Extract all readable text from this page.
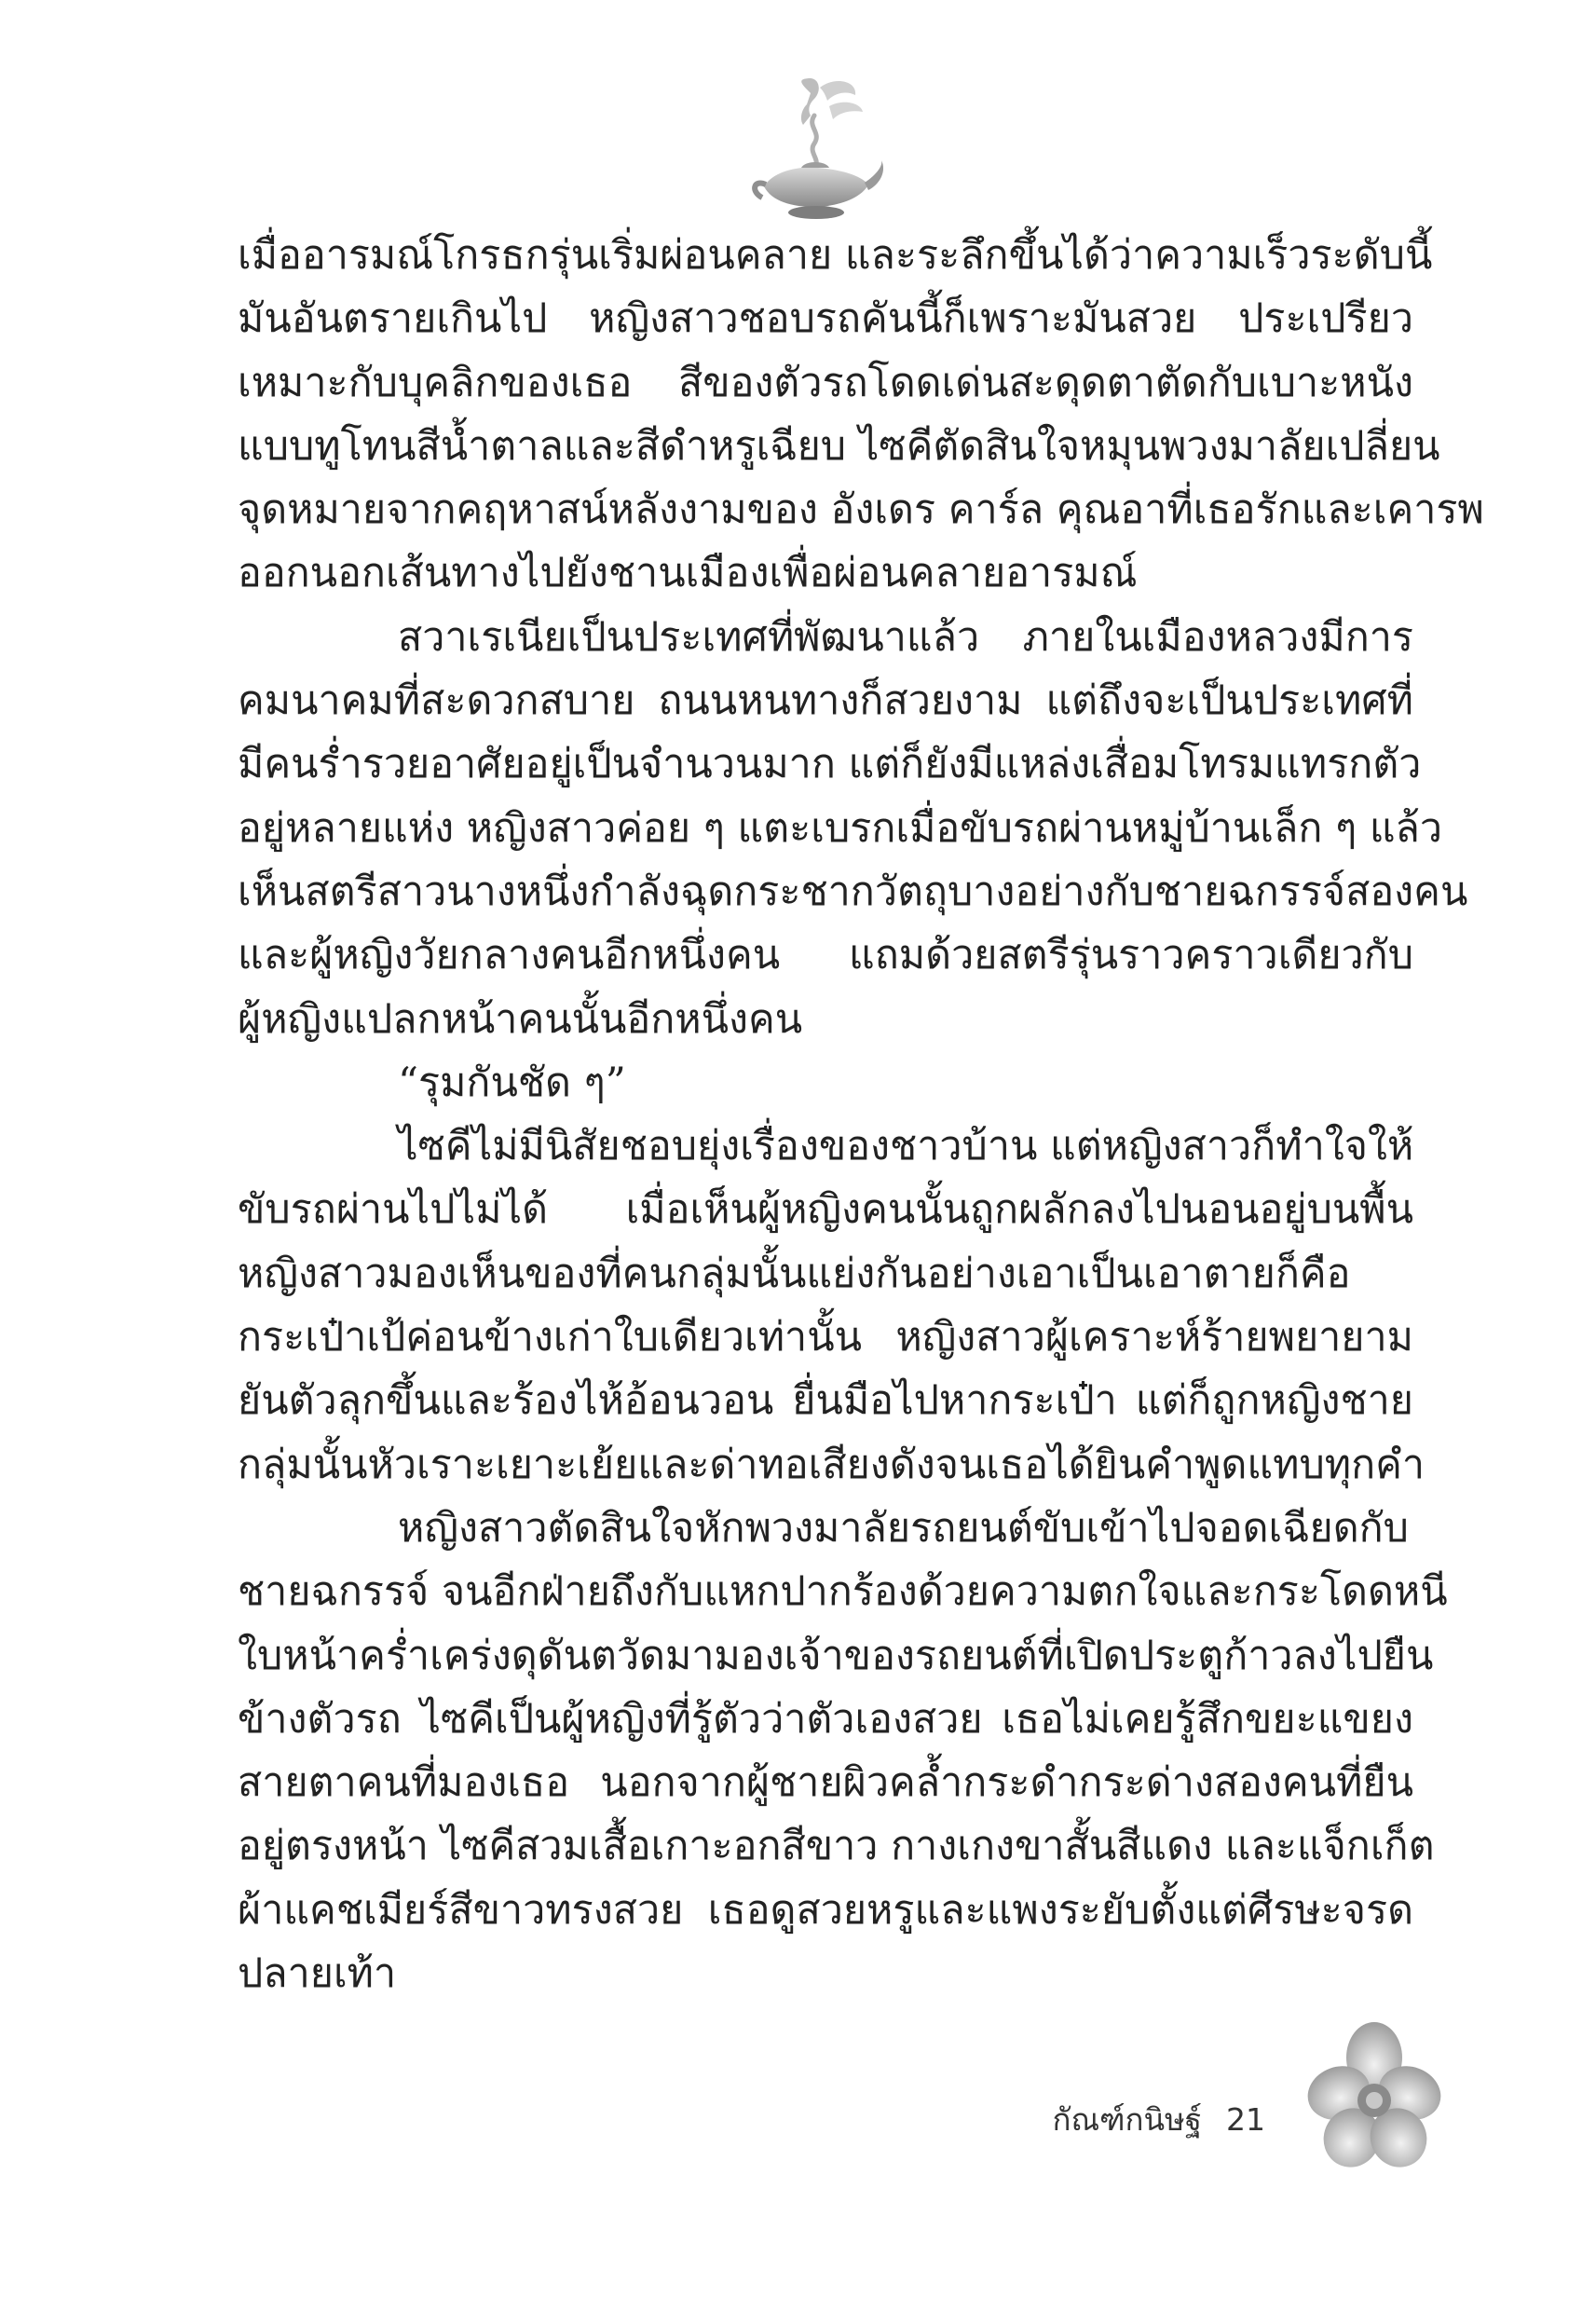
เมื่ออารมณ์โกรธกรุ่นเริ่มผ่อนคลาย และระลึกขึ้นได้ว่าความเร็วระดับนี้
มันอันตรายเกินไป หญิงสาวชอบรถคันนี้ก็เพราะมันสวย ประเปรียว
เหมาะกับบุคลิกของเธอ สีของตัวรถโดดเด่นสะดุดตาตัดกับเบาะหนัง
แบบทูโทนสีน้ำตาลและสีดำหรูเฉียบ ไซคีตัดสินใจหมุนพวงมาลัยเปลี่ยน
จุดหมายจากคฤหาสน์หลังงามของ อังเดร คาร์ล คุณอาที่เธอรักและเคารพ
ออกนอกเส้นทางไปยังชานเมืองเพื่อผ่อนคลายอารมณ์
สวาเรเนียเป็นประเทศที่พัฒนาแล้ว ภายในเมืองหลวงมีการ
คมนาคมที่สะดวกสบาย ถนนหนทางก็สวยงาม แต่ถึงจะเป็นประเทศที่
มีคนร่ำรวยอาศัยอยู่เป็นจำนวนมาก แต่ก็ยังมีแหล่งเสื่อมโทรมแทรกตัว
อยู่หลายแห่ง หญิงสาวค่อย ๆ แตะเบรกเมื่อขับรถผ่านหมู่บ้านเล็ก ๆ แล้ว
เห็นสตรีสาวนางหนึ่งกำลังฉุดกระชากวัตถุบางอย่างกับชายฉกรรจ์สองคน
และผู้หญิงวัยกลางคนอีกหนึ่งคน แถมด้วยสตรีรุ่นราวคราวเดียวกับ
ผู้หญิงแปลกหน้าคนนั้นอีกหนึ่งคน
“รุมกันชัด ๆ”
ไซคีไม่มีนิสัยชอบยุ่งเรื่องของชาวบ้าน แต่หญิงสาวก็ทำใจให้
ขับรถผ่านไปไม่ได้ เมื่อเห็นผู้หญิงคนนั้นถูกผลักลงไปนอนอยู่บนพื้น
หญิงสาวมองเห็นของที่คนกลุ่มนั้นแย่งกันอย่างเอาเป็นเอาตายก็คือ
กระเป๋าเป้ค่อนข้างเก่าใบเดียวเท่านั้น หญิงสาวผู้เคราะห์ร้ายพยายาม
ยันตัวลุกขึ้นและร้องไห้อ้อนวอน ยื่นมือไปหากระเป๋า แต่ก็ถูกหญิงชาย
กลุ่มนั้นหัวเราะเยาะเย้ยและด่าทอเสียงดังจนเธอได้ยินคำพูดแทบทุกคำ
หญิงสาวตัดสินใจหักพวงมาลัยรถยนต์ขับเข้าไปจอดเฉียดกับ
ชายฉกรรจ์ จนอีกฝ่ายถึงกับแหกปากร้องด้วยความตกใจและกระโดดหนี
ใบหน้าคร่ำเคร่งดุดันตวัดมามองเจ้าของรถยนต์ที่เปิดประตูก้าวลงไปยืน
ข้างตัวรถ ไซคีเป็นผู้หญิงที่รู้ตัวว่าตัวเองสวย เธอไม่เคยรู้สึกขยะแขยง
สายตาคนที่มองเธอ นอกจากผู้ชายผิวคล้ำกระดำกระด่างสองคนที่ยืน
อยู่ตรงหน้า ไซคีสวมเสื้อเกาะอกสีขาว กางเกงขาสั้นสีแดง และแจ็กเก็ต
ผ้าแคชเมียร์สีขาวทรงสวย เธอดูสวยหรูและแพงระยับตั้งแต่ศีรษะจรด
ปลายเท้า
กัณฑ์กนิษฐ์ 21
